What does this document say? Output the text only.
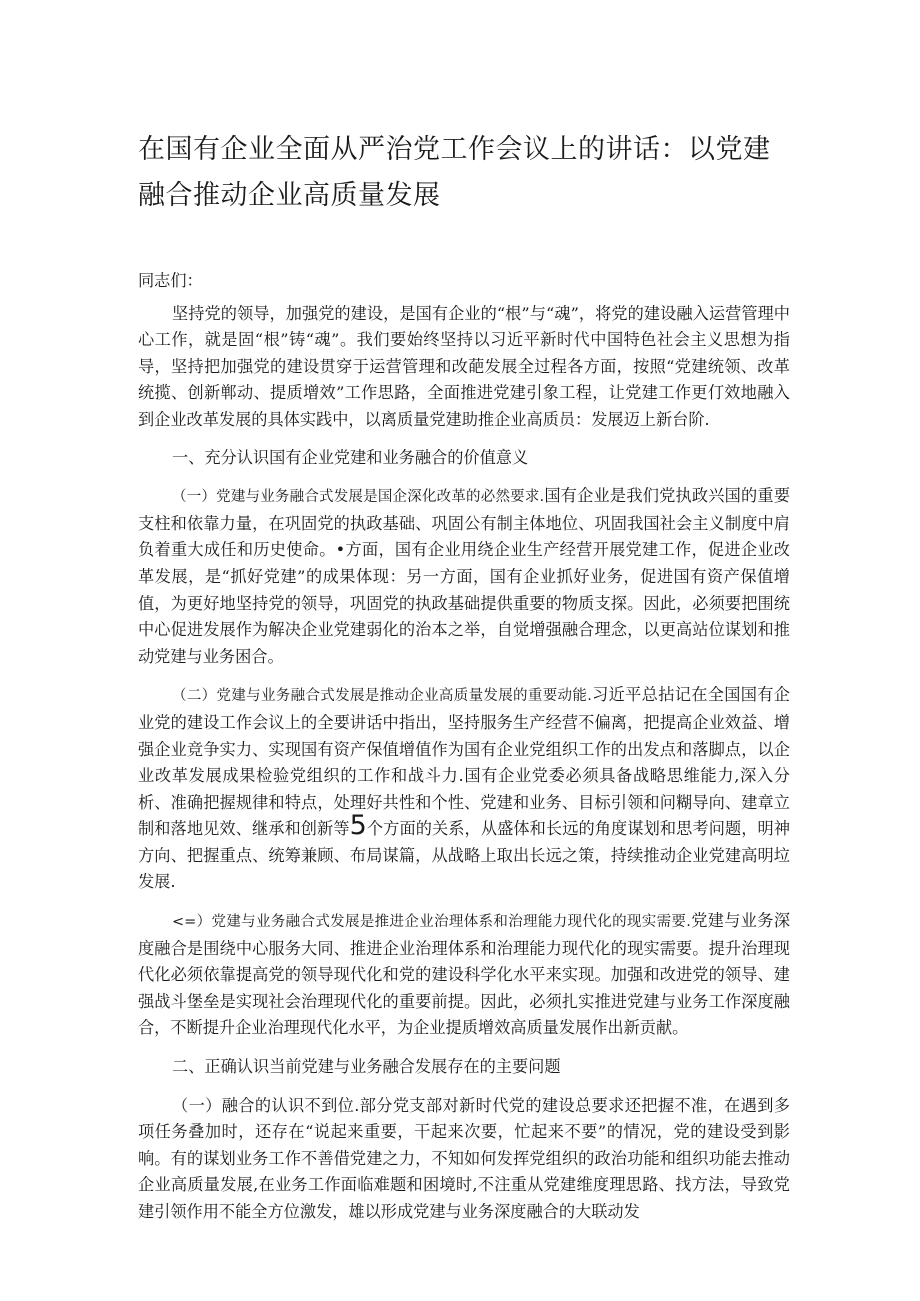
在国有企业全面从严治党工作会议上的讲话：以党建
融合推动企业高质量发展

同志们：

坚持党的领导，加强党的建设，是国有企业的“根”与“魂”，将党的建设融入运营管理中心工作，就是固“根”铸“魂”。我们要始终坚持以习近平新时代中国特色社会主义思想为指导，坚持把加强党的建设贯穿于运营管理和改葩发展全过程各方面，按照“党建统领、改革统揽、创新郸动、提质增效”工作思路，全面推进党建引象工程，让党建工作更仃效地融入到企业改革发展的具体实践中，以离质量党建助推企业高质员：发展迈上新台阶.

一、充分认识国有企业党建和业务融合的价值意义

（一）党建与业务融合式发展是国企深化改革的必然要求.国有企业是我们党执政兴国的重要支柱和依靠力量，在巩固党的执政基础、巩固公有制主体地位、巩固我国社会主义制度中肩负着重大成任和历史使命。•方面，国有企业用绕企业生产经营开展党建工作，促进企业改革发展，是“抓好党建”的成果体现：另一方面，国有企业抓好业务，促进国有资产保值增值，为更好地坚持党的领导，巩固党的执政基础提供重要的物质支探。因此，必须要把围统中心促进发展作为解决企业党建弱化的治本之举，自觉增强融合理念，以更高站位谋划和推动党建与业务困合。

（二）党建与业务融合式发展是推动企业高质量发展的重要动能.习近平总拈记在全国国有企业党的建设工作会议上的全要讲话中指出，坚持服务生产经营不偏离，把提高企业效益、增强企业竞争实力、实现国有资产保值增值作为国有企业党组织工作的出发点和落脚点，以企业改革发展成果检验党组织的工作和战斗力.国有企业党委必须具备战略思维能力,深入分析、准确把握规律和特点，处理好共性和个性、党建和业务、目标引领和问糊导向、建章立制和落地见效、继承和创新等5个方面的关系，从盛体和长远的角度谋划和思考问题，明神方向、把握重点、统筹兼顾、布局谋篇，从战略上取出长远之策，持续推动企业党建高明垃发展.

<=）党建与业务融合式发展是推进企业治理体系和治理能力现代化的现实需要.党建与业务深度融合是围绕中心服务大同、推进企业治理体系和治理能力现代化的现实需要。提升治理现代化必须依靠提高党的领导现代化和党的建设科学化水平来实现。加强和改进党的领导、建强战斗堡垒是实现社会治理现代化的重要前提。因此，必须扎实推进党建与业务工作深度融合，不断提升企业治理现代化水平，为企业提质增效高质量发展作出新贡献。

二、正确认识当前党建与业务融合发展存在的主要问题

（一）融合的认识不到位.部分党支部对新时代党的建设总要求还把握不准，在遇到多项任务叠加时，还存在“说起来重要，干起来次要，忙起来不要”的情况，党的建设受到影响。有的谋划业务工作不善借党建之力，不知如何发挥党组织的政治功能和组织功能去推动企业高质量发展,在业务工作面临难题和困境时,不注重从党建维度理思路、找方法，导致党建引领作用不能全方位激发，雄以形成党建与业务深度融合的大联动发
